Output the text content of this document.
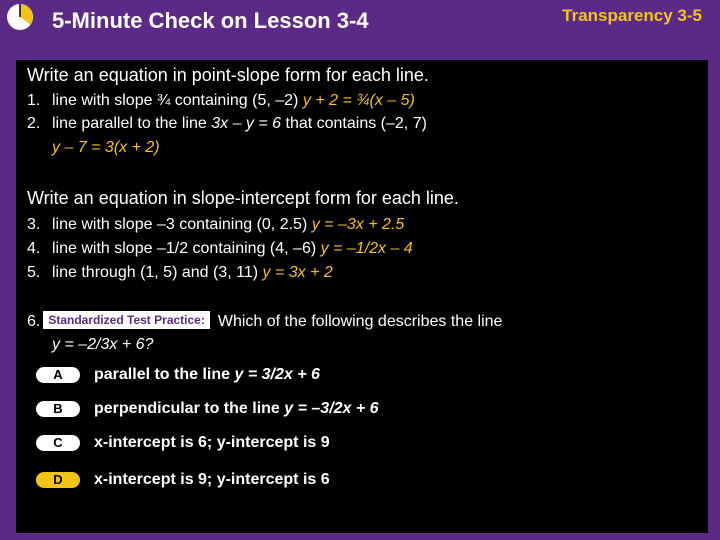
5-Minute Check on Lesson 3-4	Transparency 3-5
Write an equation in point-slope form for each line.
1. line with slope ¾ containing (5, –2) y + 2 = ¾(x – 5)
2. line parallel to the line 3x – y = 6 that contains (–2, 7)
y – 7 = 3(x + 2)
Write an equation in slope-intercept form for each line.
3. line with slope –3 containing (0, 2.5) y = –3x + 2.5
4. line with slope –1/2 containing (4, –6) y = –1/2x – 4
5. line through (1, 5) and (3, 11) y = 3x + 2
6. Standardized Test Practice: Which of the following describes the line
y = –2/3x + 6?
A parallel to the line y = 3/2x + 6
B perpendicular to the line y = –3/2x + 6
C x-intercept is 6; y-intercept is 9
D x-intercept is 9; y-intercept is 6
